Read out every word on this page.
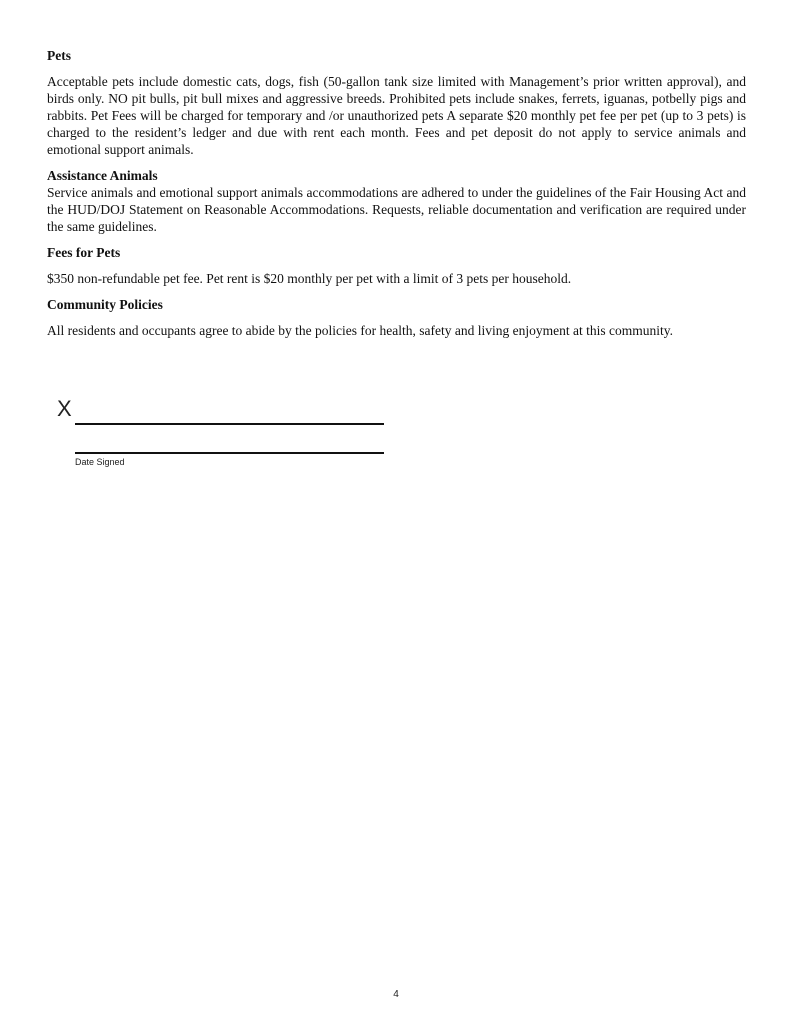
Pets

Acceptable pets include domestic cats, dogs, fish (50-gallon tank size limited with Management’s prior written approval), and birds only. NO pit bulls, pit bull mixes and aggressive breeds. Prohibited pets include snakes, ferrets, iguanas, potbelly pigs and rabbits. Pet Fees will be charged for temporary and /or unauthorized pets A separate $20 monthly pet fee per pet (up to 3 pets) is charged to the resident’s ledger and due with rent each month. Fees and pet deposit do not apply to service animals and emotional support animals.

Assistance Animals

Service animals and emotional support animals accommodations are adhered to under the guidelines of the Fair Housing Act and the HUD/DOJ Statement on Reasonable Accommodations. Requests, reliable documentation and verification are required under the same guidelines.

Fees for Pets

$350 non-refundable pet fee. Pet rent is $20 monthly per pet with a limit of 3 pets per household.

Community Policies

All residents and occupants agree to abide by the policies for health, safety and living enjoyment at this community.

X
Date Signed
4
